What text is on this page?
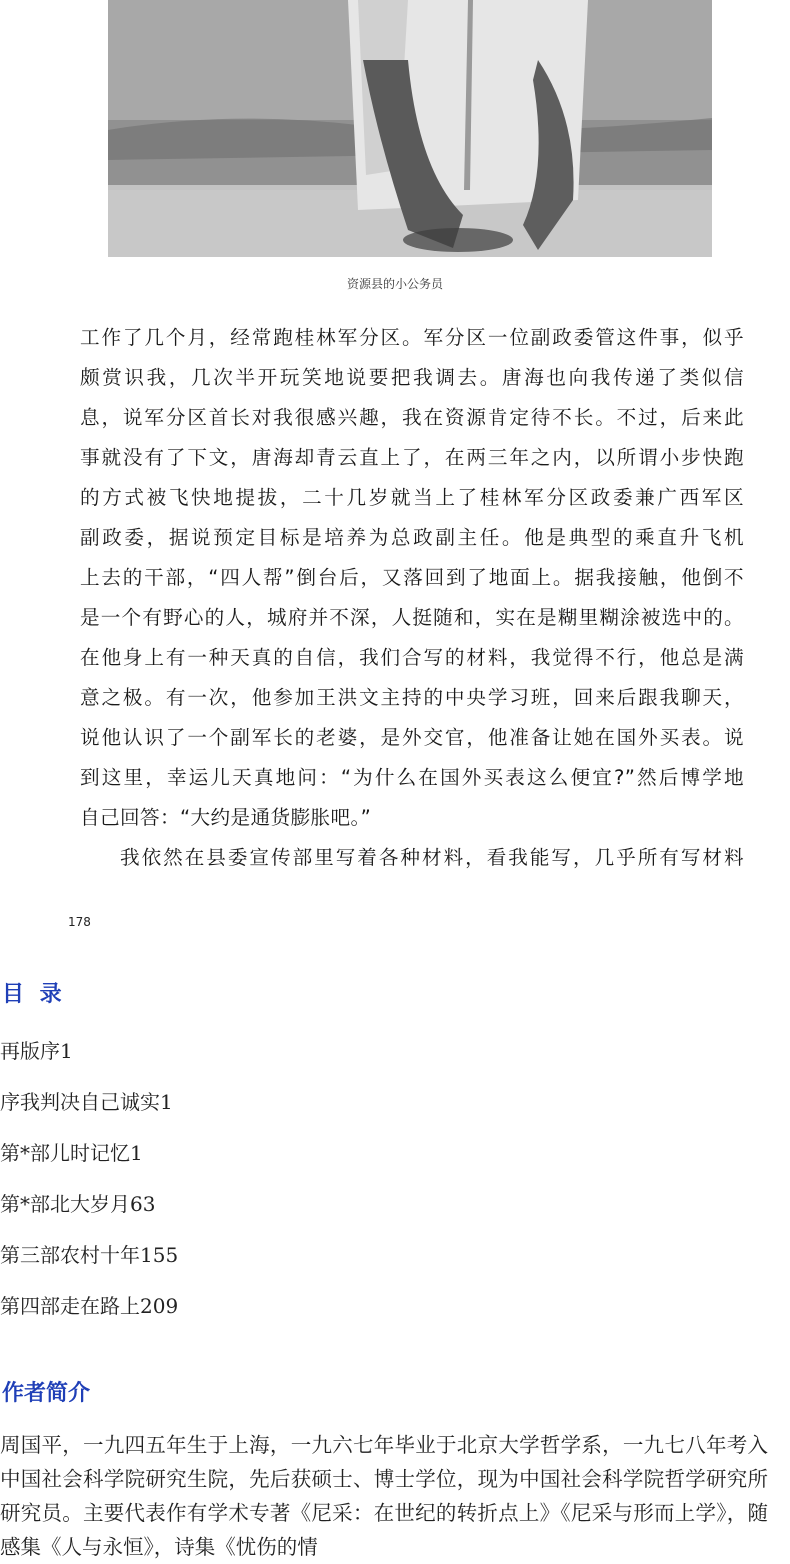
资源县的小公务员

工作了几个月，经常跑桂林军分区。军分区一位副政委管这件事，似乎

颇赏识我，几次半开玩笑地说要把我调去。唐海也向我传递了类似信

息，说军分区首长对我很感兴趣，我在资源肯定待不长。不过，后来此

事就没有了下文，唐海却青云直上了，在两三年之内，以所谓小步快跑

的方式被飞快地提拔，二十几岁就当上了桂林军分区政委兼广西军区

副政委，据说预定目标是培养为总政副主任。他是典型的乘直升飞机

上去的干部，“四人帮”倒台后，又落回到了地面上。据我接触，他倒不

是一个有野心的人，城府并不深，人挺随和，实在是糊里糊涂被选中的。

在他身上有一种天真的自信，我们合写的材料，我觉得不行，他总是满

意之极。有一次，他参加王洪文主持的中央学习班，回来后跟我聊天，

说他认识了一个副军长的老婆，是外交官，他准备让她在国外买表。说

到这里，幸运儿天真地问：“为什么在国外买表这么便宜?”然后博学地

自己回答：“大约是通货膨胀吧。”

我依然在县委宣传部里写着各种材料，看我能写，几乎所有写材料

178
目 录
再版序1
序我判决自己诚实1
第*部儿时记忆1
第*部北大岁月63
第三部农村十年155
第四部走在路上209
作者简介

周国平，一九四五年生于上海，一九六七年毕业于北京大学哲学系，一九七八年考入中国社会科学院研究生院，先后获硕士、博士学位，现为中国社会科学院哲学研究所研究员。主要代表作有学术专著《尼采：在世纪的转折点上》《尼采与形而上学》，随感集《人与永恒》，诗集《忧伤的情
